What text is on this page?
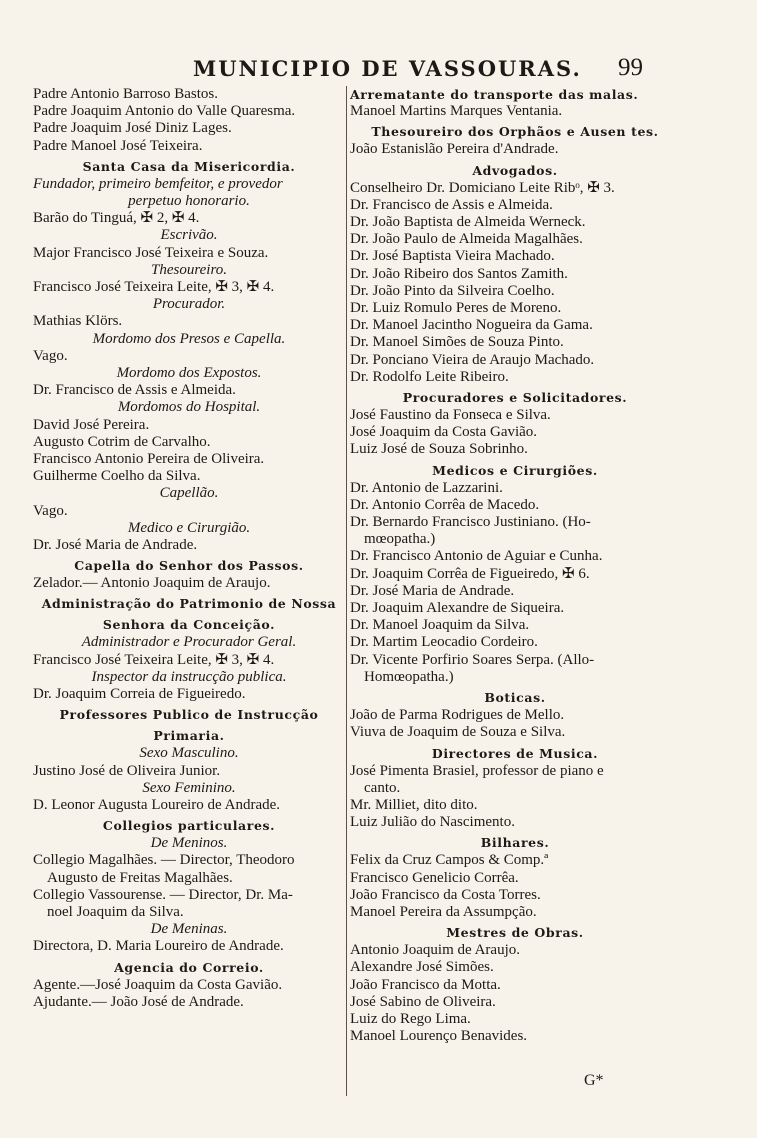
MUNICIPIO DE VASSOURAS. 99
Padre Antonio Barroso Bastos.
Padre Joaquim Antonio do Valle Quaresma.
Padre Joaquim José Diniz Lages.
Padre Manoel José Teixeira.
Santa Casa da Misericordia.
Fundador, primeiro bemfeitor, e provedor
perpetuo honorario.
Barão do Tinguá, ✠ 2, ✠ 4.
Escrivão.
Major Francisco José Teixeira e Souza.
Thesoureiro.
Francisco José Teixeira Leite, ✠ 3, ✠ 4.
Procurador.
Mathias Klörs.
Mordomo dos Presos e Capella.
Vago.
Mordomo dos Expostos.
Dr. Francisco de Assis e Almeida.
Mordomos do Hospital.
David José Pereira.
Augusto Cotrim de Carvalho.
Francisco Antonio Pereira de Oliveira.
Guilherme Coelho da Silva.
Capellão.
Vago.
Medico e Cirurgião.
Dr. José Maria de Andrade.
Capella do Senhor dos Passos.
Zelador.— Antonio Joaquim de Araujo.
Administração do Patrimonio de Nossa
Senhora da Conceição.
Administrador e Procurador Geral.
Francisco José Teixeira Leite, ✠ 3, ✠ 4.
Inspector da instrucção publica.
Dr. Joaquim Correia de Figueiredo.
Professores Publico de Instrucção
Primaria.
Sexo Masculino.
Justino José de Oliveira Junior.
Sexo Feminino.
D. Leonor Augusta Loureiro de Andrade.
Collegios particulares.
De Meninos.
Collegio Magalhães. — Director, Theodoro
Augusto de Freitas Magalhães.
Collegio Vassourense. — Director, Dr. Ma-
noel Joaquim da Silva.
De Meninas.
Directora, D. Maria Loureiro de Andrade.
Agencia do Correio.
Agente.—José Joaquim da Costa Gavião.
Ajudante.— João José de Andrade.
Arrematante do transporte das malas.
Manoel Martins Marques Ventania.
Thesoureiro dos Orphãos e Ausen tes.
João Estanislão Pereira d'Andrade.
Advogados.
Conselheiro Dr. Domiciano Leite Ribᵒ, ✠ 3.
Dr. Francisco de Assis e Almeida.
Dr. João Baptista de Almeida Werneck.
Dr. João Paulo de Almeida Magalhães.
Dr. José Baptista Vieira Machado.
Dr. João Ribeiro dos Santos Zamith.
Dr. João Pinto da Silveira Coelho.
Dr. Luiz Romulo Peres de Moreno.
Dr. Manoel Jacintho Nogueira da Gama.
Dr. Manoel Simões de Souza Pinto.
Dr. Ponciano Vieira de Araujo Machado.
Dr. Rodolfo Leite Ribeiro.
Procuradores e Solicitadores.
José Faustino da Fonseca e Silva.
José Joaquim da Costa Gavião.
Luiz José de Souza Sobrinho.
Medicos e Cirurgiões.
Dr. Antonio de Lazzarini.
Dr. Antonio Corrêa de Macedo.
Dr. Bernardo Francisco Justiniano. (Ho-
mœopatha.)
Dr. Francisco Antonio de Aguiar e Cunha.
Dr. Joaquim Corrêa de Figueiredo, ✠ 6.
Dr. José Maria de Andrade.
Dr. Joaquim Alexandre de Siqueira.
Dr. Manoel Joaquim da Silva.
Dr. Martim Leocadio Cordeiro.
Dr. Vicente Porfirio Soares Serpa. (Allo-
Homœopatha.)
Boticas.
João de Parma Rodrigues de Mello.
Viuva de Joaquim de Souza e Silva.
Directores de Musica.
José Pimenta Brasiel, professor de piano e
canto.
Mr. Milliet, dito dito.
Luiz Julião do Nascimento.
Bilhares.
Felix da Cruz Campos & Comp.ª
Francisco Genelicio Corrêa.
João Francisco da Costa Torres.
Manoel Pereira da Assumpção.
Mestres de Obras.
Antonio Joaquim de Araujo.
Alexandre José Simões.
João Francisco da Motta.
José Sabino de Oliveira.
Luiz do Rego Lima.
Manoel Lourenço Benavides.
G*
